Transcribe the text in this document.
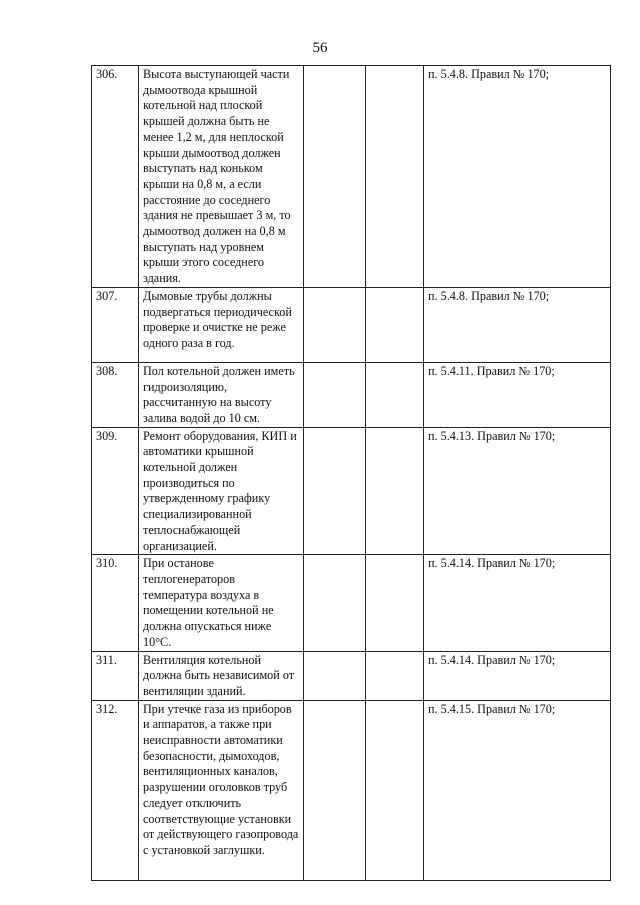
56
306.	Высота выступающей части дымоотвода крышной котельной над плоской крышей должна быть не менее 1,2 м, для неплоской крыши дымоотвод должен выступать над коньком крыши на 0,8 м, а если расстояние до соседнего здания не превышает 3 м, то дымоотвод должен на 0,8 м выступать над уровнем крыши этого соседнего здания.			п. 5.4.8. Правил № 170;
307.	Дымовые трубы должны подвергаться периодической проверке и очистке не реже одного раза в год.			п. 5.4.8. Правил № 170;
308.	Пол котельной должен иметь гидроизоляцию, рассчитанную на высоту залива водой до 10 см.			п. 5.4.11. Правил № 170;
309.	Ремонт оборудования, КИП и автоматики крышной котельной должен производиться по утвержденному графику специализированной теплоснабжающей организацией.			п. 5.4.13. Правил № 170;
310.	При останове теплогенераторов температура воздуха в помещении котельной не должна опускаться ниже 10°С.			п. 5.4.14. Правил № 170;
311.	Вентиляция котельной должна быть независимой от вентиляции зданий.			п. 5.4.14. Правил № 170;
312.	При утечке газа из приборов и аппаратов, а также при неисправности автоматики безопасности, дымоходов, вентиляционных каналов, разрушении оголовков труб следует отключить соответствующие установки от действующего газопровода с установкой заглушки.			п. 5.4.15. Правил № 170;
